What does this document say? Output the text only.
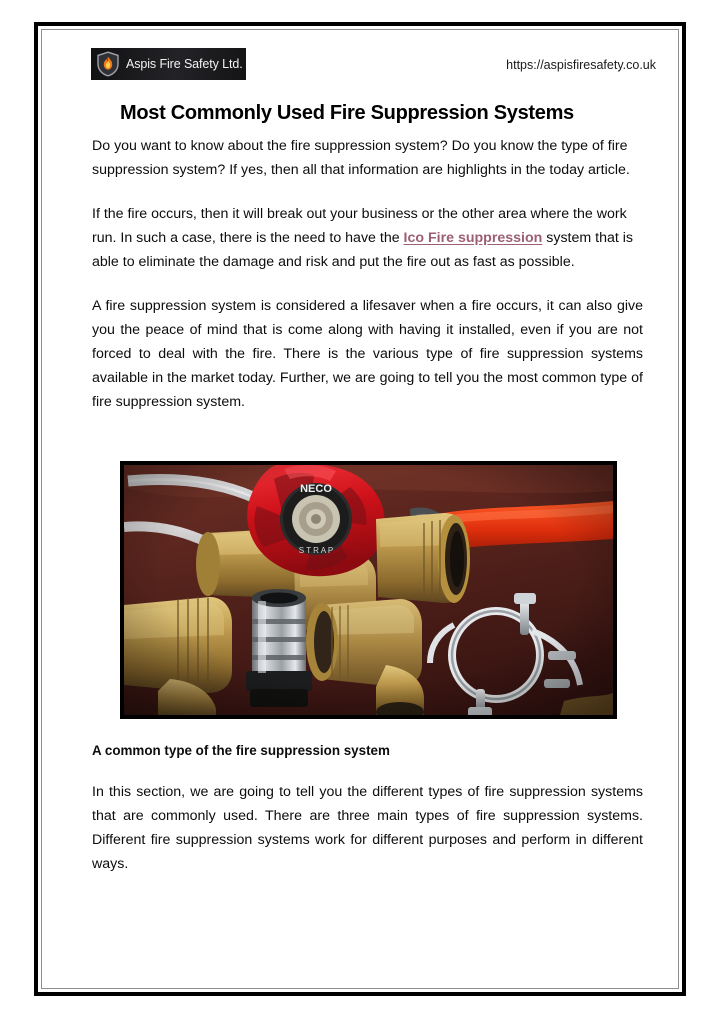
Aspis Fire Safety Ltd.	https://aspisfiresafety.co.uk
Most Commonly Used Fire Suppression Systems

Do you want to know about the fire suppression system? Do you know the type of fire suppression system? If yes, then all that information are highlights in the today article.

If the fire occurs, then it will break out your business or the other area where the work run. In such a case, there is the need to have the Ico Fire suppression system that is able to eliminate the damage and risk and put the fire out as fast as possible.

A fire suppression system is considered a lifesaver when a fire occurs, it can also give you the peace of mind that is come along with having it installed, even if you are not forced to deal with the fire. There is the various type of fire suppression systems available in the market today. Further, we are going to tell you the most common type of fire suppression system.

A common type of the fire suppression system

In this section, we are going to tell you the different types of fire suppression systems that are commonly used. There are three main types of fire suppression systems. Different fire suppression systems work for different purposes and perform in different ways.
